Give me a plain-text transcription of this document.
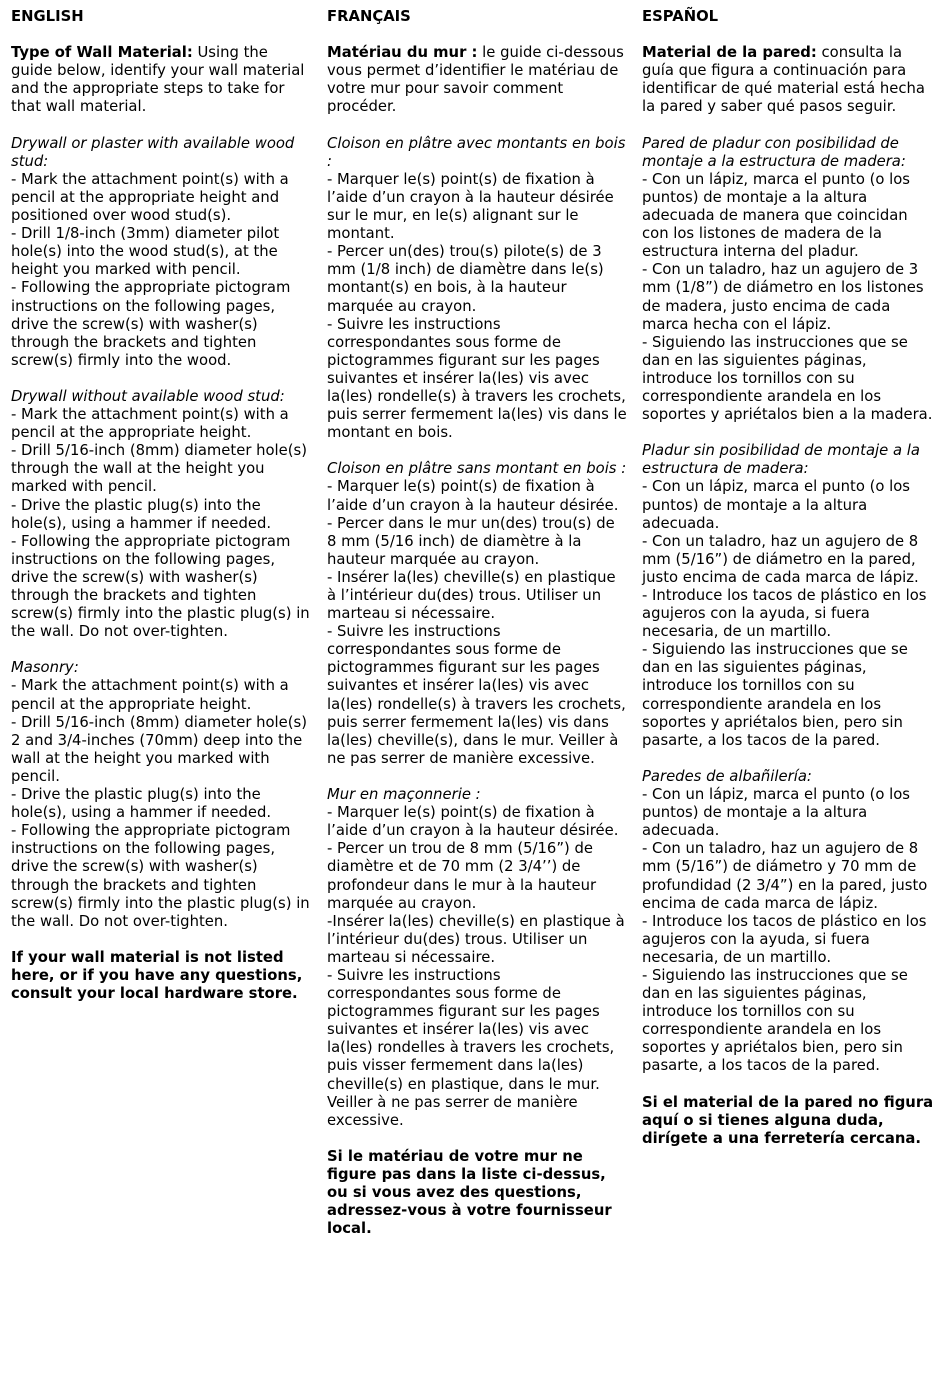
ENGLISH
Type of Wall Material: Using the guide below, identify your wall material and the appropriate steps to take for that wall material.
Drywall or plaster with available wood stud:
- Mark the attachment point(s) with a pencil at the appropriate height and positioned over wood stud(s).
- Drill 1/8-inch (3mm) diameter pilot hole(s) into the wood stud(s), at the height you marked with pencil.
- Following the appropriate pictogram instructions on the following pages, drive the screw(s) with washer(s) through the brackets and tighten screw(s) firmly into the wood.
Drywall without available wood stud:
- Mark the attachment point(s) with a pencil at the appropriate height.
- Drill 5/16-inch (8mm) diameter hole(s) through the wall at the height you marked with pencil.
- Drive the plastic plug(s) into the hole(s), using a hammer if needed.
- Following the appropriate pictogram instructions on the following pages, drive the screw(s) with washer(s) through the brackets and tighten screw(s) firmly into the plastic plug(s) in the wall. Do not over-tighten.
Masonry:
- Mark the attachment point(s) with a pencil at the appropriate height.
- Drill 5/16-inch (8mm) diameter hole(s) 2 and 3/4-inches (70mm) deep into the wall at the height you marked with pencil.
- Drive the plastic plug(s) into the hole(s), using a hammer if needed.
- Following the appropriate pictogram instructions on the following pages, drive the screw(s) with washer(s) through the brackets and tighten screw(s) firmly into the plastic plug(s) in the wall. Do not over-tighten.
If your wall material is not listed here, or if you have any questions, consult your local hardware store.
FRANÇAIS
Matériau du mur : le guide ci-dessous vous permet d’identifier le matériau de votre mur pour savoir comment procéder.
Cloison en plâtre avec montants en bois :
- Marquer le(s) point(s) de fixation à l’aide d’un crayon à la hauteur désirée sur le mur, en le(s) alignant sur le montant.
- Percer un(des) trou(s) pilote(s) de 3 mm (1/8 inch) de diamètre dans le(s) montant(s) en bois, à la hauteur marquée au crayon.
- Suivre les instructions correspondantes sous forme de pictogrammes figurant sur les pages suivantes et insérer la(les) vis avec la(les) rondelle(s) à travers les crochets, puis serrer fermement la(les) vis dans le montant en bois.
Cloison en plâtre sans montant en bois :
- Marquer le(s) point(s) de fixation à l’aide d’un crayon à la hauteur désirée.
- Percer dans le mur un(des) trou(s) de 8 mm (5/16 inch) de diamètre à la hauteur marquée au crayon.
- Insérer la(les) cheville(s) en plastique à l’intérieur du(des) trous. Utiliser un marteau si nécessaire.
- Suivre les instructions correspondantes sous forme de pictogrammes figurant sur les pages suivantes et insérer la(les) vis avec la(les) rondelle(s) à travers les crochets, puis serrer fermement la(les) vis dans la(les) cheville(s), dans le mur. Veiller à ne pas serrer de manière excessive.
Mur en maçonnerie :
- Marquer le(s) point(s) de fixation à l’aide d’un crayon à la hauteur désirée.
- Percer un trou de 8 mm (5/16”) de diamètre et de 70 mm (2 3/4’’) de profondeur dans le mur à la hauteur marquée au crayon.
-Insérer la(les) cheville(s) en plastique à l’intérieur du(des) trous. Utiliser un marteau si nécessaire.
- Suivre les instructions correspondantes sous forme de pictogrammes figurant sur les pages suivantes et insérer la(les) vis avec la(les) rondelles à travers les crochets, puis visser fermement dans la(les) cheville(s) en plastique, dans le mur. Veiller à ne pas serrer de manière excessive.
Si le matériau de votre mur ne figure pas dans la liste ci-dessus, ou si vous avez des questions, adressez-vous à votre fournisseur local.
ESPAÑOL
Material de la pared: consulta la guía que figura a continuación para identificar de qué material está hecha la pared y saber qué pasos seguir.
Pared de pladur con posibilidad de montaje a la estructura de madera:
- Con un lápiz, marca el punto (o los puntos) de montaje a la altura adecuada de manera que coincidan con los listones de madera de la estructura interna del pladur.
- Con un taladro, haz un agujero de 3 mm (1/8”) de diámetro en los listones de madera, justo encima de cada marca hecha con el lápiz.
- Siguiendo las instrucciones que se dan en las siguientes páginas, introduce los tornillos con su correspondiente arandela en los soportes y apriétalos bien a la madera.
Pladur sin posibilidad de montaje a la estructura de madera:
- Con un lápiz, marca el punto (o los puntos) de montaje a la altura adecuada.
- Con un taladro, haz un agujero de 8 mm (5/16”) de diámetro en la pared, justo encima de cada marca de lápiz.
- Introduce los tacos de plástico en los agujeros con la ayuda, si fuera necesaria, de un martillo.
- Siguiendo las instrucciones que se dan en las siguientes páginas, introduce los tornillos con su correspondiente arandela en los soportes y apriétalos bien, pero sin pasarte, a los tacos de la pared.
Paredes de albañilería:
- Con un lápiz, marca el punto (o los puntos) de montaje a la altura adecuada.
- Con un taladro, haz un agujero de 8 mm (5/16”) de diámetro y 70 mm de profundidad (2 3/4”) en la pared, justo encima de cada marca de lápiz.
- Introduce los tacos de plástico en los agujeros con la ayuda, si fuera necesaria, de un martillo.
- Siguiendo las instrucciones que se dan en las siguientes páginas, introduce los tornillos con su correspondiente arandela en los soportes y apriétalos bien, pero sin pasarte, a los tacos de la pared.
Si el material de la pared no figura aquí o si tienes alguna duda, dirígete a una ferretería cercana.
